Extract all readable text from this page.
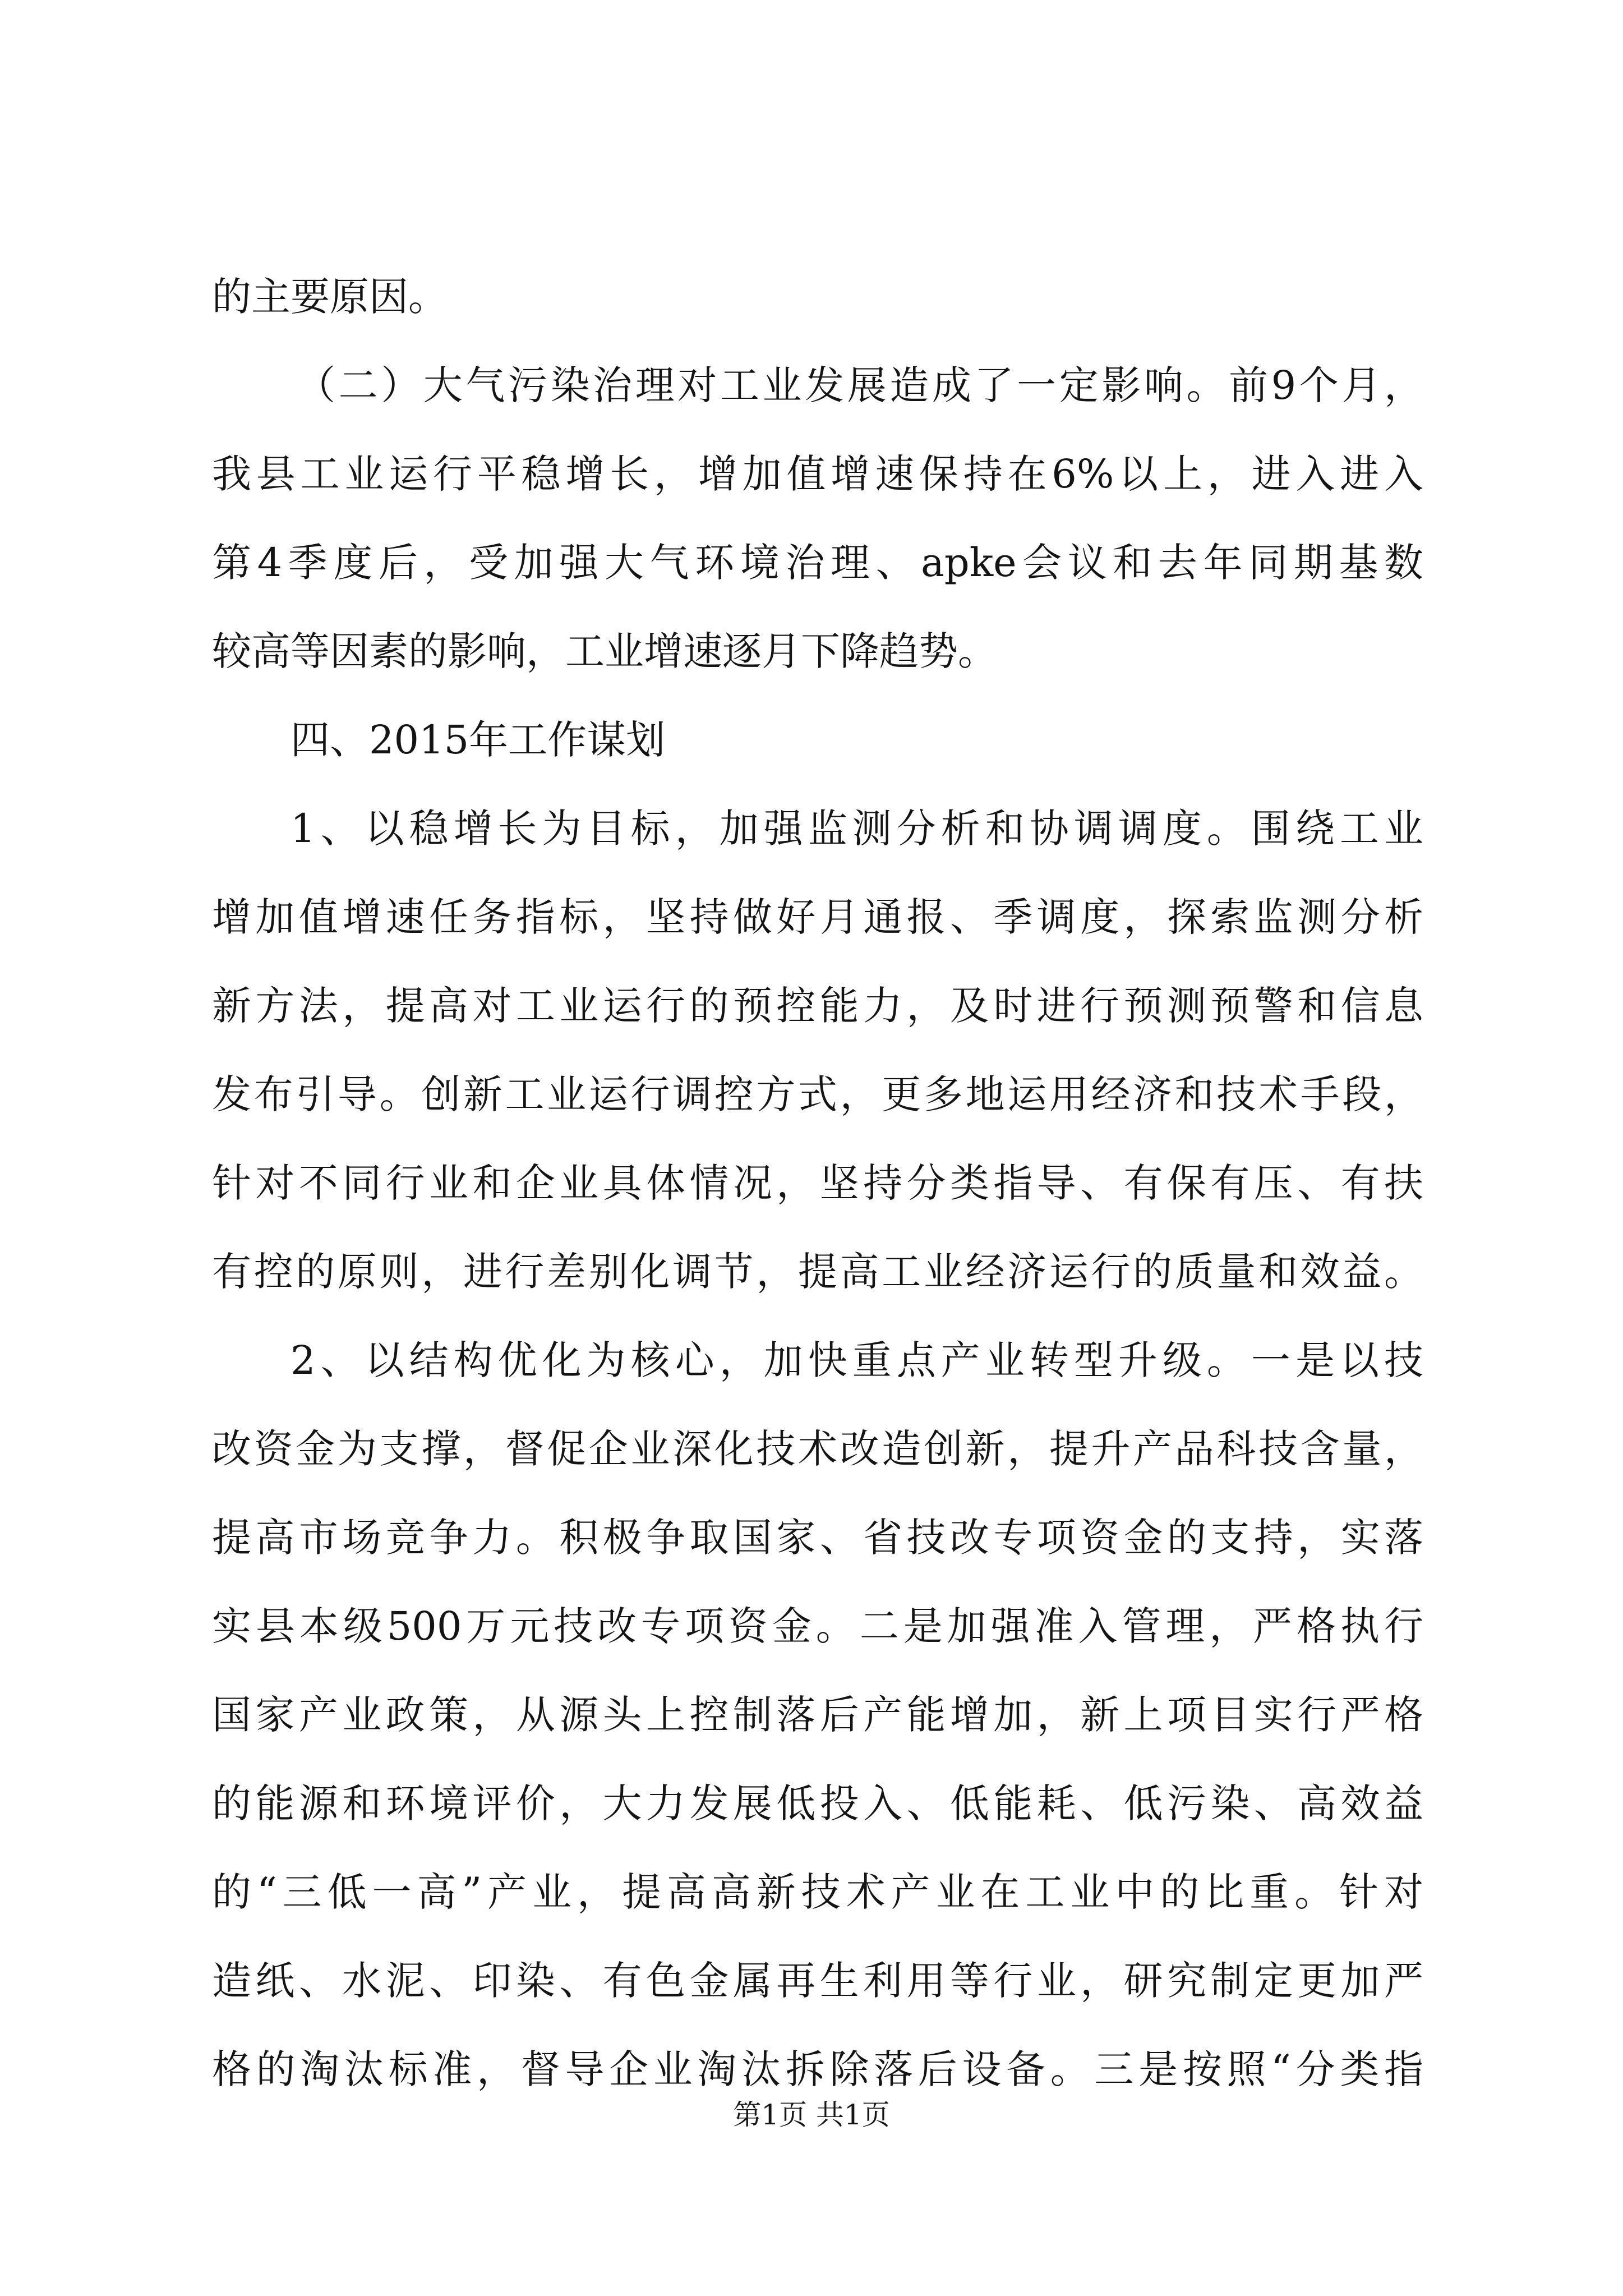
的主要原因。
（二）大气污染治理对工业发展造成了一定影响。前9个月，
我县工业运行平稳增长，增加值增速保持在6%以上，进入进入
第4季度后，受加强大气环境治理、apke会议和去年同期基数
较高等因素的影响，工业增速逐月下降趋势。
四、2015年工作谋划
1、以稳增长为目标，加强监测分析和协调调度。围绕工业
增加值增速任务指标，坚持做好月通报、季调度，探索监测分析
新方法，提高对工业运行的预控能力，及时进行预测预警和信息
发布引导。创新工业运行调控方式，更多地运用经济和技术手段，
针对不同行业和企业具体情况，坚持分类指导、有保有压、有扶
有控的原则，进行差别化调节，提高工业经济运行的质量和效益。
2、以结构优化为核心，加快重点产业转型升级。一是以技
改资金为支撑，督促企业深化技术改造创新，提升产品科技含量，
提高市场竞争力。积极争取国家、省技改专项资金的支持，实落
实县本级500万元技改专项资金。二是加强准入管理，严格执行
国家产业政策，从源头上控制落后产能增加，新上项目实行严格
的能源和环境评价，大力发展低投入、低能耗、低污染、高效益
的“三低一高”产业，提高高新技术产业在工业中的比重。针对
造纸、水泥、印染、有色金属再生利用等行业，研究制定更加严
格的淘汰标准，督导企业淘汰拆除落后设备。三是按照“分类指
第1页 共1页
